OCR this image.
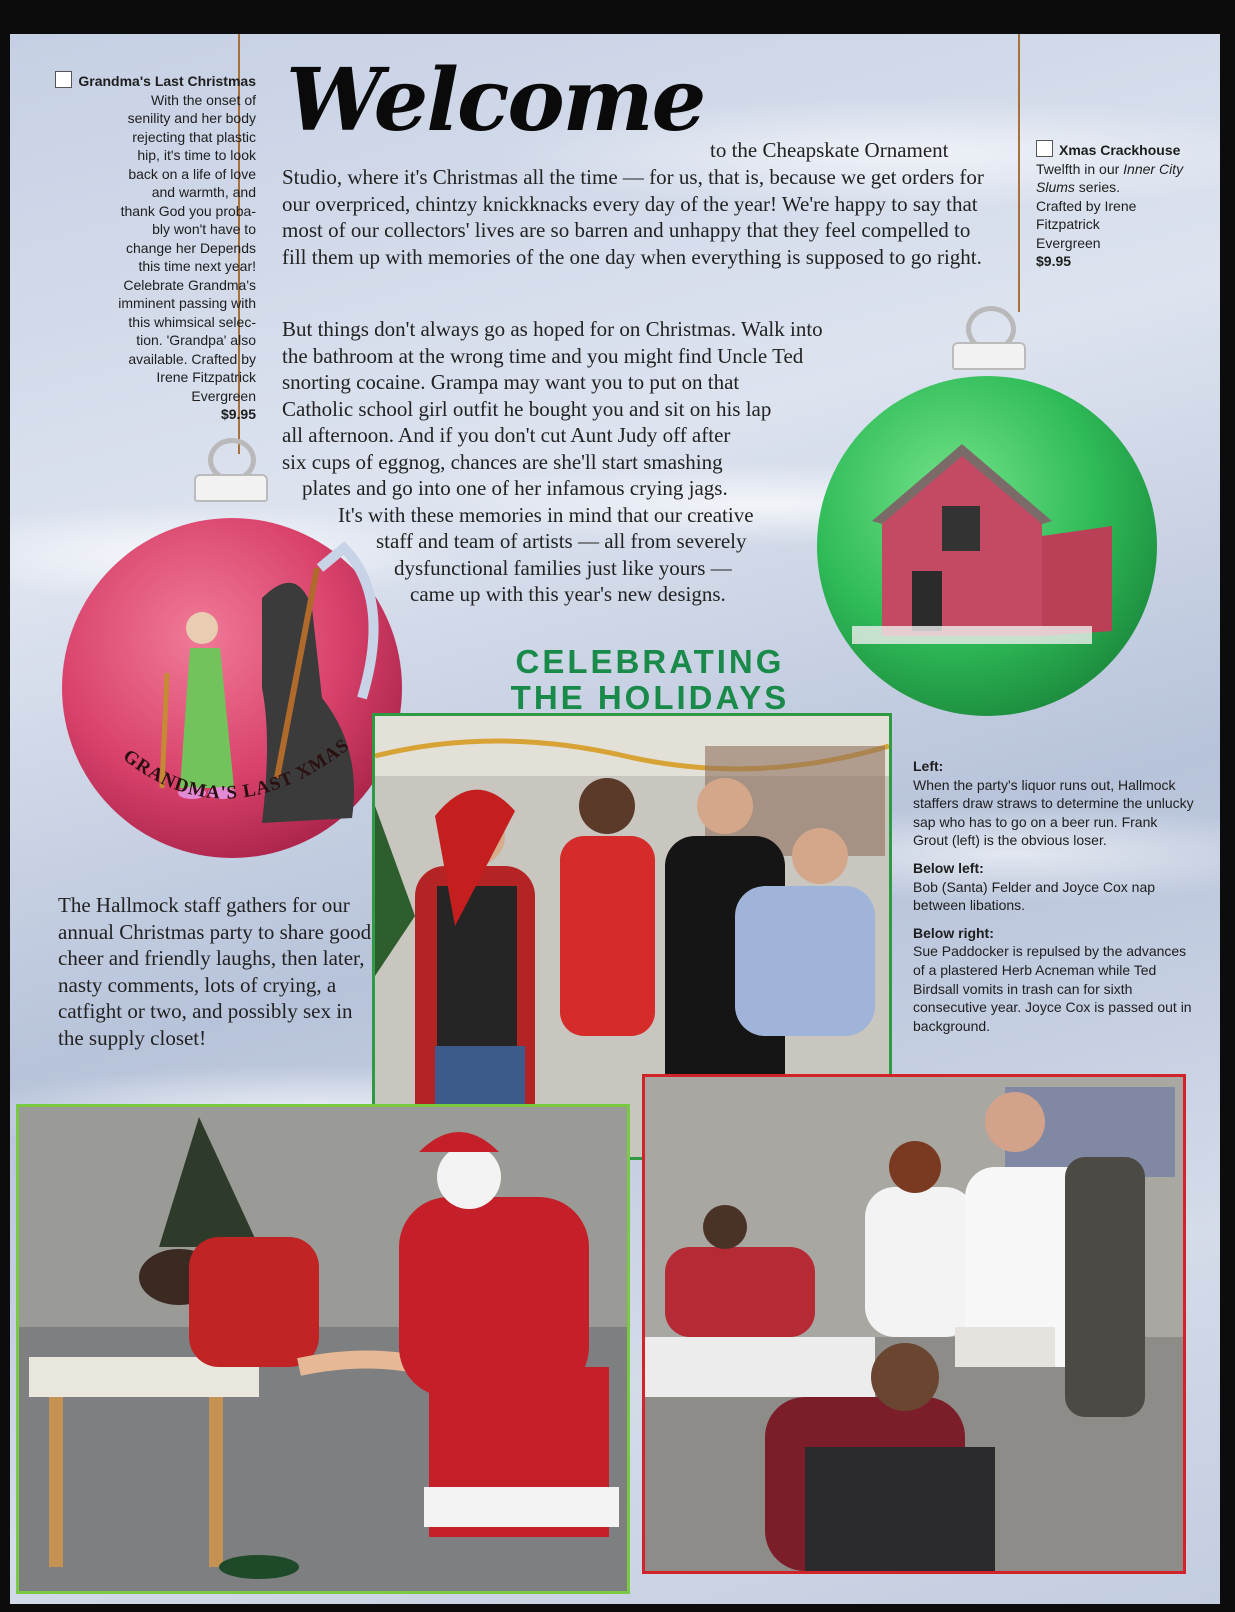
Grandma's Last Christmas
With the onset of
senility and her body
rejecting that plastic
hip, it's time to look
back on a life of love
and warmth, and
thank God you proba-
bly won't have to
change her Depends
this time next year!
Celebrate Grandma's
imminent passing with
this whimsical selec-
tion. 'Grandpa' also
available. Crafted by
Irene Fitzpatrick
Evergreen
$9.95
Xmas Crackhouse
Twelfth in our Inner City Slums series.
Crafted by Irene
Fitzpatrick
Evergreen
$9.95
Welcome to the Cheapskate Ornament
Studio, where it's Christmas all the time — for us, that is, because we get orders for our overpriced, chintzy knickknacks every day of the year! We're happy to say that most of our collectors' lives are so barren and unhappy that they feel compelled to fill them up with memories of the one day when everything is supposed to go right.
But things don't always go as hoped for on Christmas. Walk into
the bathroom at the wrong time and you might find Uncle Ted
snorting cocaine. Grampa may want you to put on that
Catholic school girl outfit he bought you and sit on his lap
all afternoon. And if you don't cut Aunt Judy off after
six cups of eggnog, chances are she'll start smashing
plates and go into one of her infamous crying jags.
It's with these memories in mind that our creative
staff and team of artists — all from severely
dysfunctional families just like yours —
came up with this year's new designs.
GRANDMA'S LAST XMAS
CELEBRATING
THE HOLIDAYS

Left:
When the party's liquor runs out, Hallmock staffers draw straws to determine the unlucky sap who has to go on a beer run. Frank Grout (left) is the obvious loser.

Below left:
Bob (Santa) Felder and Joyce Cox nap between libations.

Below right:
Sue Paddocker is repulsed by the advances of a plastered Herb Acneman while Ted Birdsall vomits in trash can for sixth consecutive year. Joyce Cox is passed out in background.

The Hallmock staff gathers for our annual Christmas party to share good cheer and friendly laughs, then later, nasty comments, lots of crying, a catfight or two, and possibly sex in the supply closet!
